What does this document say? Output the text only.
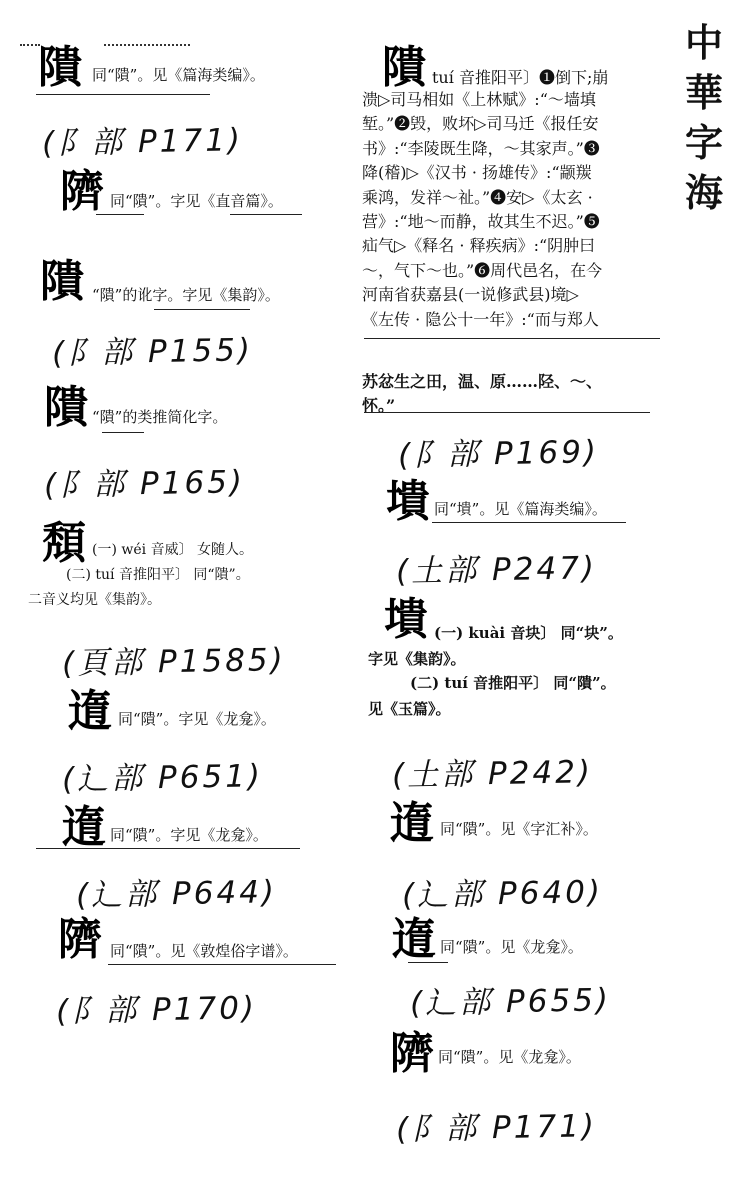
中
華
字
海
隤 同“隤”。见《篇海类编》。
(阝部 P171)
隮 同“隤”。字见《直音篇》。
隤 “隤”的讹字。字见《集韵》。
(阝部 P155)
隤 “隤”的类推简化字。
(阝部 P165)
頽 (一) wéi 音威〕 女随人。
(二) tuí 音推阳平〕 同“隤”。
二音义均见《集韵》。
(頁部 P1585)
遀 同“隤”。字见《龙龛》。
(辶部 P651)
遀 同“隤”。字见《龙龛》。
(辶部 P644)
隮 同“隤”。见《敦煌俗字谱》。
(阝部 P170)
隤 tuí 音推阳平〕❶倒下;崩
溃▷司马相如《上林赋》:“～墙填
堑。”❷毁，败坏▷司马迁《报任安
书》:“李陵既生降，～其家声。”❸
降(稽)▷《汉书 · 扬雄传》:“颛羰
乘鸿，发祥～祉。”❹安▷《太玄 ·
营》:“地～而静，故其生不迟。”❺
疝气▷《释名 · 释疾病》:“阴肿曰
～，气下～也。”❻周代邑名，在今
河南省获嘉县(一说修武县)境▷
《左传 · 隐公十一年》:“而与郑人
苏忿生之田，温、原……陉、～、
怀。”
(阝部 P169)
墤 同“墤”。见《篇海类编》。
(土部 P247)
墤 (一) kuài 音块〕 同“块”。
字见《集韵》。
(二) tuí 音推阳平〕 同“隤”。
见《玉篇》。
(土部 P242)
遀 同“隤”。见《字汇补》。
(辶部 P640)
遀 同“隤”。见《龙龛》。
(辶部 P655)
隮 同“隤”。见《龙龛》。
(阝部 P171)
